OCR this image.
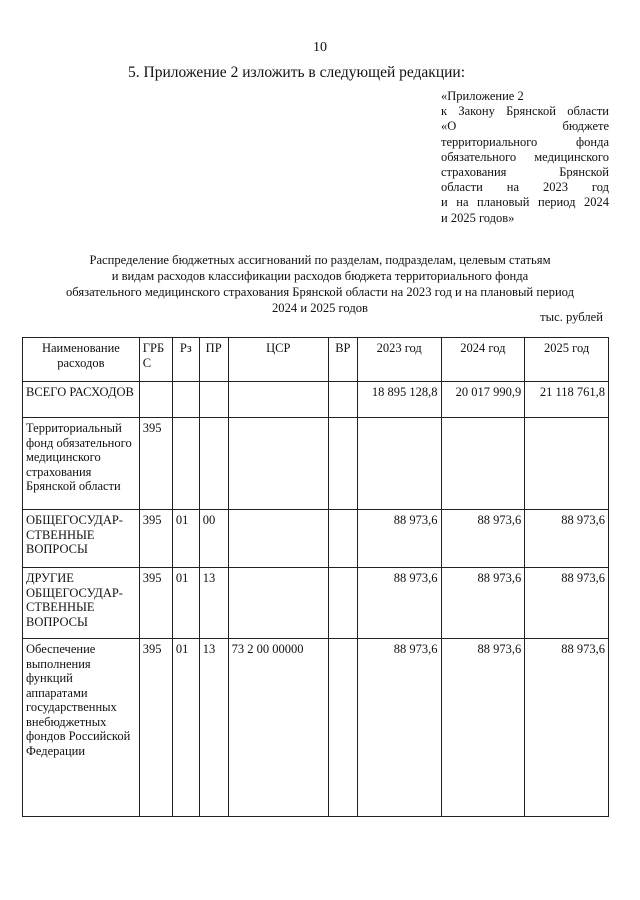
10
5. Приложение 2 изложить в следующей редакции:
«Приложение 2
к Закону Брянской области
«О бюджете
территориального фонда
обязательного медицинского
страхования Брянской
области на 2023 год
и на плановый период 2024
и 2025 годов»
Распределение бюджетных ассигнований по разделам, подразделам, целевым статьям
и видам расходов классификации расходов бюджета территориального фонда
обязательного медицинского страхования Брянской области на 2023 год и на плановый период
2024 и 2025 годов
тыс. рублей
Наименование расходов	ГРБ С	Рз	ПР	ЦСР	ВР	2023 год	2024 год	2025 год
ВСЕГО РАСХОДОВ						18 895 128,8	20 017 990,9	21 118 761,8
Территориальный фонд обязательного медицинского страхования Брянской области	395							
ОБЩЕГОСУДАР-СТВЕННЫЕ ВОПРОСЫ	395	01	00			88 973,6	88 973,6	88 973,6
ДРУГИЕ ОБЩЕГОСУДАР-СТВЕННЫЕ ВОПРОСЫ	395	01	13			88 973,6	88 973,6	88 973,6
Обеспечение выполнения функций аппаратами государственных внебюджетных фондов Российской Федерации	395	01	13	73 2 00 00000		88 973,6	88 973,6	88 973,6
